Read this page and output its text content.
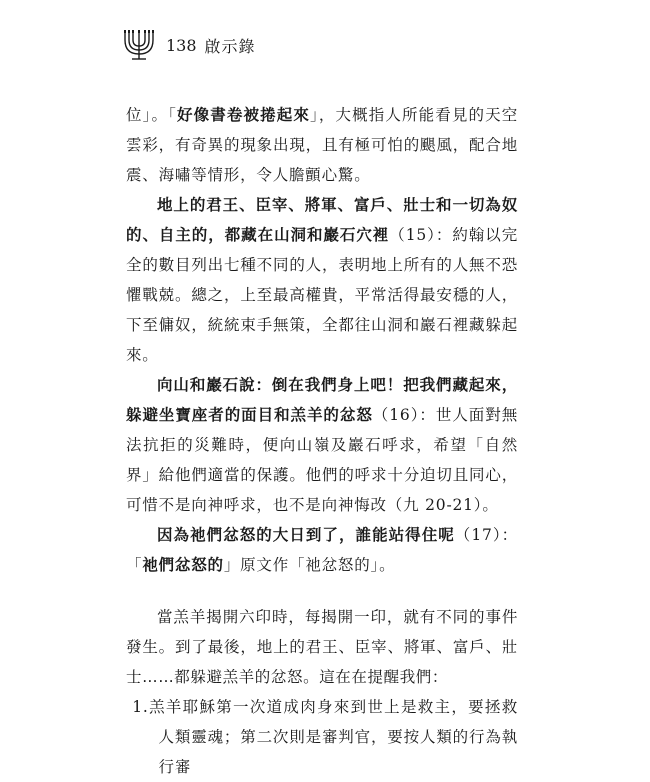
138 啟示錄

位」。「好像書卷被捲起來」，大概指人所能看見的天空雲彩，有奇異的現象出現，且有極可怕的颶風，配合地震、海嘯等情形，令人膽顫心驚。

地上的君王、臣宰、將軍、富戶、壯士和一切為奴的、自主的，都藏在山洞和巖石穴裡（15）：約翰以完全的數目列出七種不同的人，表明地上所有的人無不恐懼戰兢。總之，上至最高權貴，平常活得最安穩的人，下至傭奴，統統束手無策，全都往山洞和巖石裡藏躲起來。

向山和巖石說：倒在我們身上吧！把我們藏起來，躲避坐寶座者的面目和羔羊的忿怒（16）：世人面對無法抗拒的災難時，便向山嶺及巖石呼求，希望「自然界」給他們適當的保護。他們的呼求十分迫切且同心，可惜不是向神呼求，也不是向神悔改（九 20-21）。

因為祂們忿怒的大日到了，誰能站得住呢（17）：「祂們忿怒的」原文作「祂忿怒的」。

當羔羊揭開六印時，每揭開一印，就有不同的事件發生。到了最後，地上的君王、臣宰、將軍、富戶、壯士……都躲避羔羊的忿怒。這在在提醒我們：

1.羔羊耶穌第一次道成肉身來到世上是救主，要拯救人類靈魂；第二次則是審判官，要按人類的行為執行審
